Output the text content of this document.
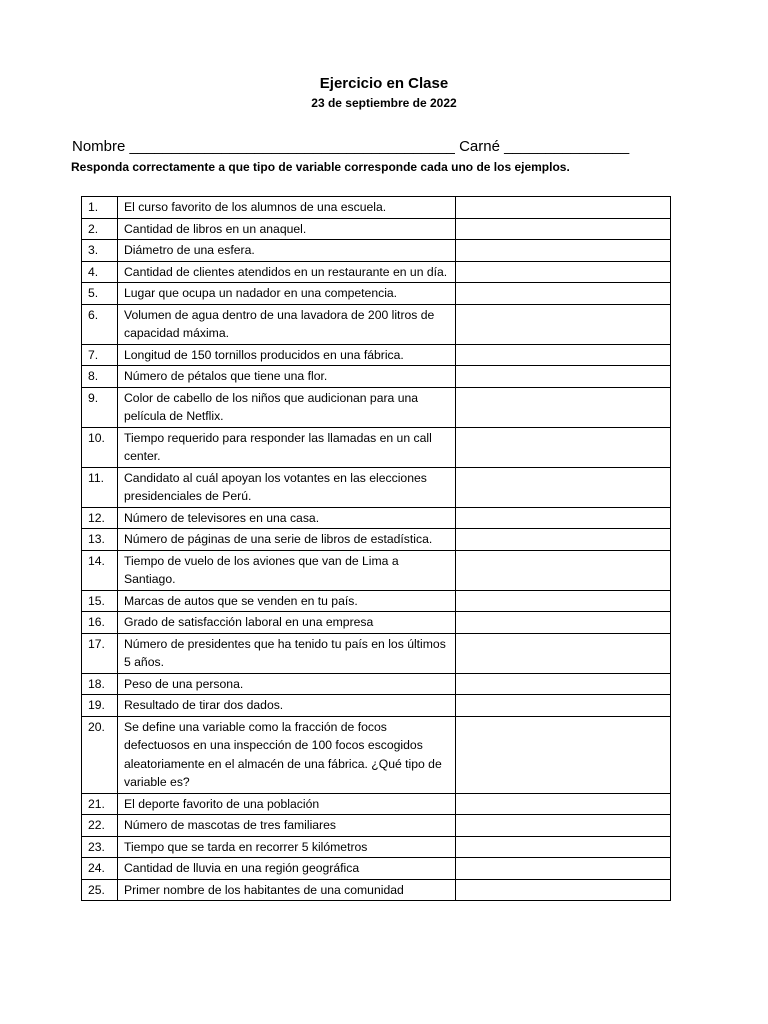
Ejercicio en Clase
23 de septiembre de 2022
Nombre _______________________________________ Carné _______________
Responda correctamente a que tipo de variable corresponde cada uno de los ejemplos.
1.	El curso favorito de los alumnos de una escuela.	
2.	Cantidad de libros en un anaquel.	
3.	Diámetro de una esfera.	
4.	Cantidad de clientes atendidos en un restaurante en un día.	
5.	Lugar que ocupa un nadador en una competencia.	
6.	Volumen de agua dentro de una lavadora de 200 litros de capacidad máxima.	
7.	Longitud de 150 tornillos producidos en una fábrica.	
8.	Número de pétalos que tiene una flor.	
9.	Color de cabello de los niños que audicionan para una película de Netflix.	
10.	Tiempo requerido para responder las llamadas en un call center.	
11.	Candidato al cuál apoyan los votantes en las elecciones presidenciales de Perú.	
12.	Número de televisores en una casa.	
13.	Número de páginas de una serie de libros de estadística.	
14.	Tiempo de vuelo de los aviones que van de Lima a Santiago.	
15.	Marcas de autos que se venden en tu país.	
16.	Grado de satisfacción laboral en una empresa	
17.	Número de presidentes que ha tenido tu país en los últimos 5 años.	
18.	Peso de una persona.	
19.	Resultado de tirar dos dados.	
20.	Se define una variable como la fracción de focos defectuosos en una inspección de 100 focos escogidos aleatoriamente en el almacén de una fábrica. ¿Qué tipo de variable es?	
21.	El deporte favorito de una población	
22.	Número de mascotas de tres familiares	
23.	Tiempo que se tarda en recorrer 5 kilómetros	
24.	Cantidad de lluvia en una región geográfica	
25.	Primer nombre de los habitantes de una comunidad	
